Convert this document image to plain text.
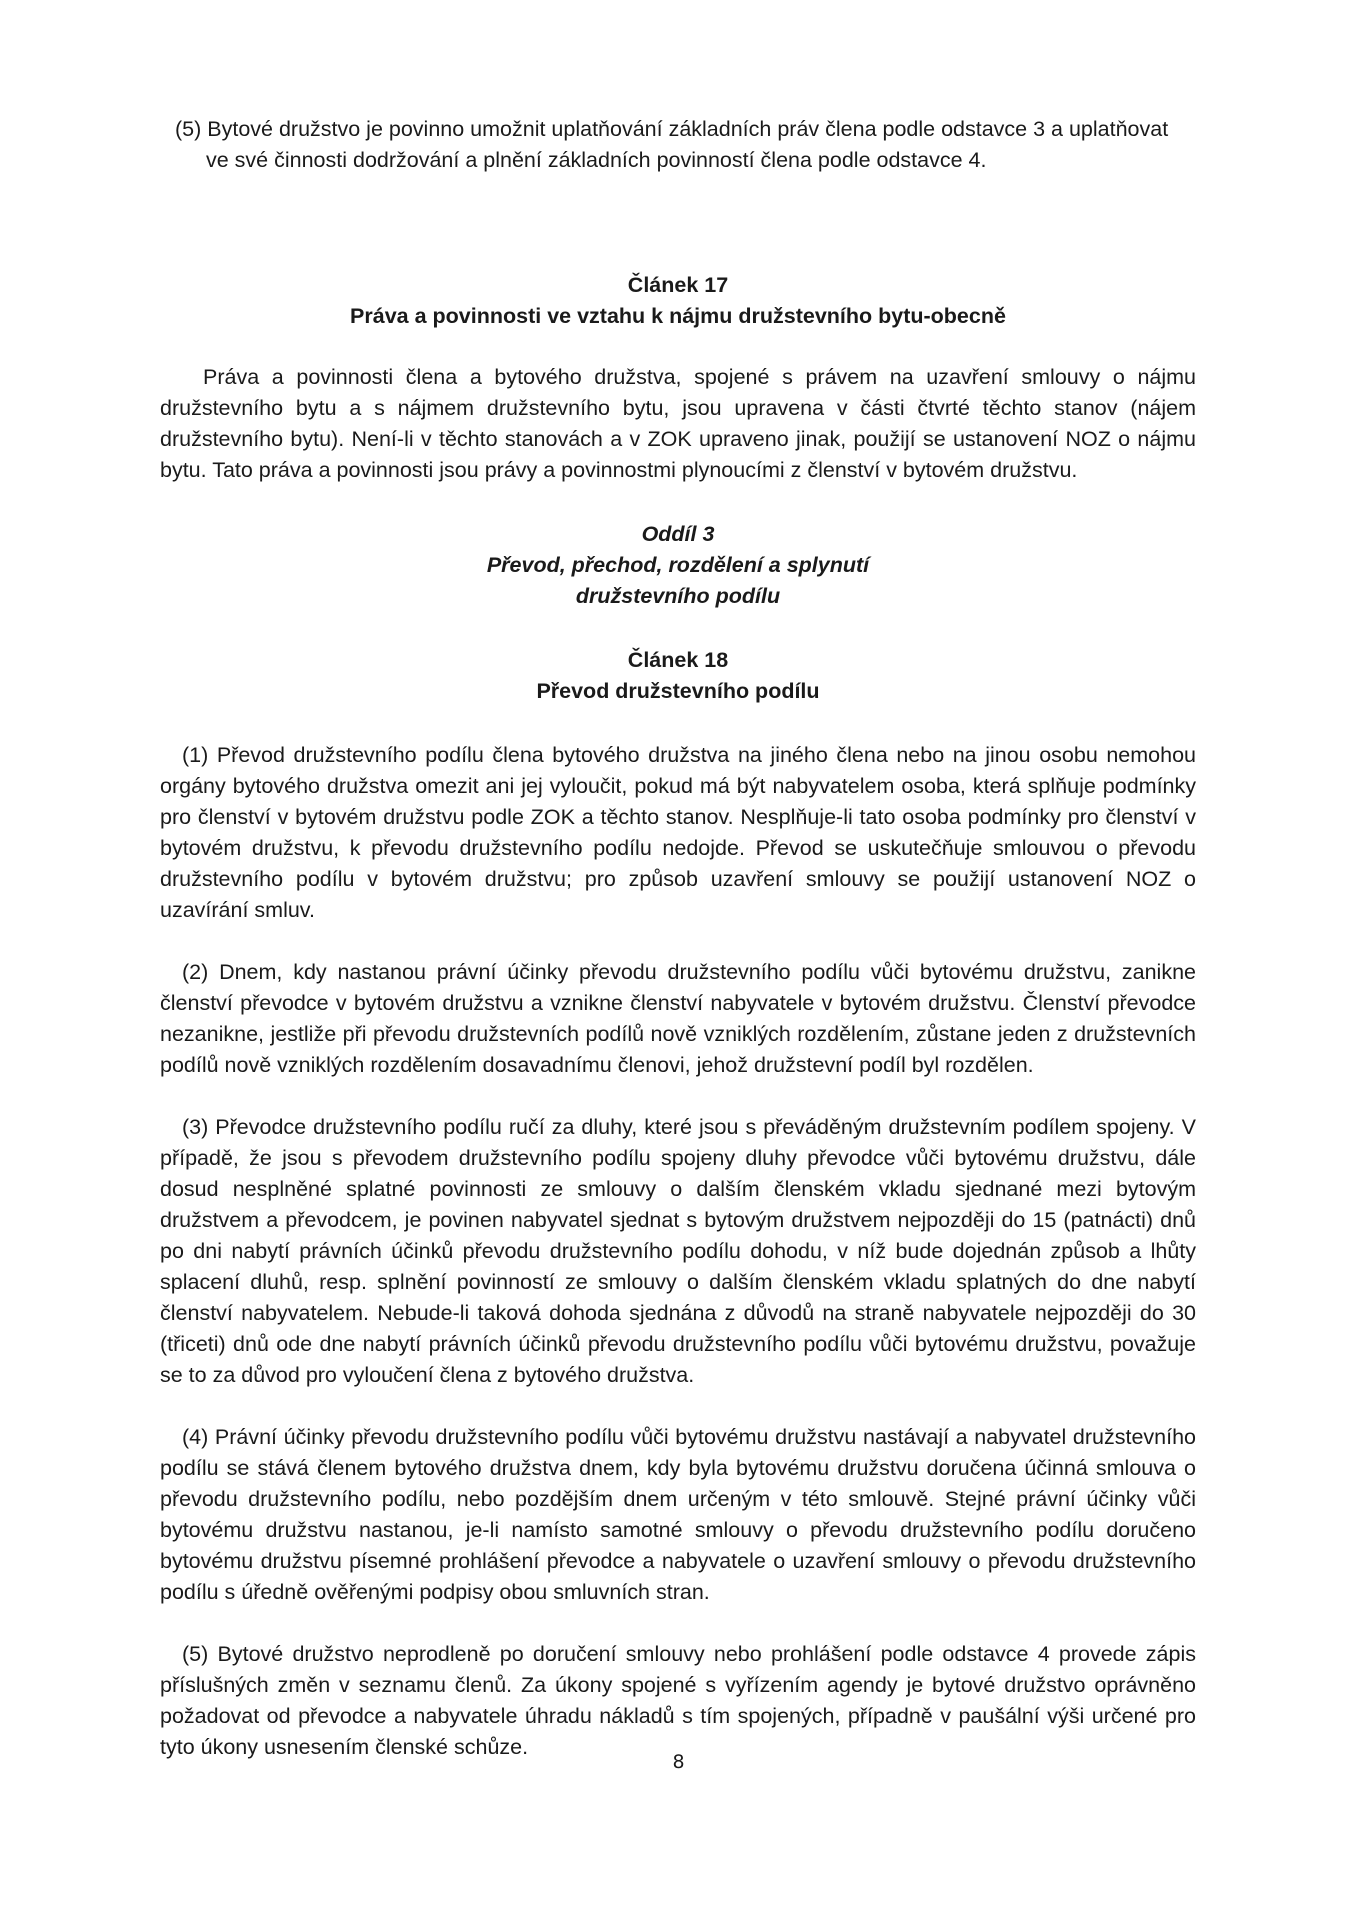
(5) Bytové družstvo je povinno umožnit uplatňování základních práv člena podle odstavce 3 a uplatňovat ve své činnosti dodržování a plnění základních povinností člena podle odstavce 4.

Článek 17

Práva a povinnosti ve vztahu k nájmu družstevního bytu-obecně

Práva a povinnosti člena a bytového družstva, spojené s právem na uzavření smlouvy o nájmu družstevního bytu a s nájmem družstevního bytu, jsou upravena v části čtvrté těchto stanov (nájem družstevního bytu). Není-li v těchto stanovách a v ZOK upraveno jinak, použijí se ustanovení NOZ o nájmu bytu. Tato práva a povinnosti jsou právy a povinnostmi plynoucími z členství v bytovém družstvu.

Oddíl 3

Převod, přechod, rozdělení a splynutí

družstevního podílu

Článek 18

Převod družstevního podílu

(1) Převod družstevního podílu člena bytového družstva na jiného člena nebo na jinou osobu nemohou orgány bytového družstva omezit ani jej vyloučit, pokud má být nabyvatelem osoba, která splňuje podmínky pro členství v bytovém družstvu podle ZOK a těchto stanov. Nesplňuje-li tato osoba podmínky pro členství v bytovém družstvu, k převodu družstevního podílu nedojde. Převod se uskutečňuje smlouvou o převodu družstevního podílu v bytovém družstvu; pro způsob uzavření smlouvy se použijí ustanovení NOZ o uzavírání smluv.

(2) Dnem, kdy nastanou právní účinky převodu družstevního podílu vůči bytovému družstvu, zanikne členství převodce v bytovém družstvu a vznikne členství nabyvatele v bytovém družstvu. Členství převodce nezanikne, jestliže při převodu družstevních podílů nově vzniklých rozdělením, zůstane jeden z družstevních podílů nově vzniklých rozdělením dosavadnímu členovi, jehož družstevní podíl byl rozdělen.

(3) Převodce družstevního podílu ručí za dluhy, které jsou s převáděným družstevním podílem spojeny. V případě, že jsou s převodem družstevního podílu spojeny dluhy převodce vůči bytovému družstvu, dále dosud nesplněné splatné povinnosti ze smlouvy o dalším členském vkladu sjednané mezi bytovým družstvem a převodcem, je povinen nabyvatel sjednat s bytovým družstvem nejpozději do 15 (patnácti) dnů po dni nabytí právních účinků převodu družstevního podílu dohodu, v níž bude dojednán způsob a lhůty splacení dluhů, resp. splnění povinností ze smlouvy o dalším členském vkladu splatných do dne nabytí členství nabyvatelem. Nebude-li taková dohoda sjednána z důvodů na straně nabyvatele nejpozději do 30 (třiceti) dnů ode dne nabytí právních účinků převodu družstevního podílu vůči bytovému družstvu, považuje se to za důvod pro vyloučení člena z bytového družstva.

(4) Právní účinky převodu družstevního podílu vůči bytovému družstvu nastávají a nabyvatel družstevního podílu se stává členem bytového družstva dnem, kdy byla bytovému družstvu doručena účinná smlouva o převodu družstevního podílu, nebo pozdějším dnem určeným v této smlouvě. Stejné právní účinky vůči bytovému družstvu nastanou, je-li namísto samotné smlouvy o převodu družstevního podílu doručeno bytovému družstvu písemné prohlášení převodce a nabyvatele o uzavření smlouvy o převodu družstevního podílu s úředně ověřenými podpisy obou smluvních stran.

(5) Bytové družstvo neprodleně po doručení smlouvy nebo prohlášení podle odstavce 4 provede zápis příslušných změn v seznamu členů. Za úkony spojené s vyřízením agendy je bytové družstvo oprávněno požadovat od převodce a nabyvatele úhradu nákladů s tím spojených, případně v paušální výši určené pro tyto úkony usnesením členské schůze.

8
